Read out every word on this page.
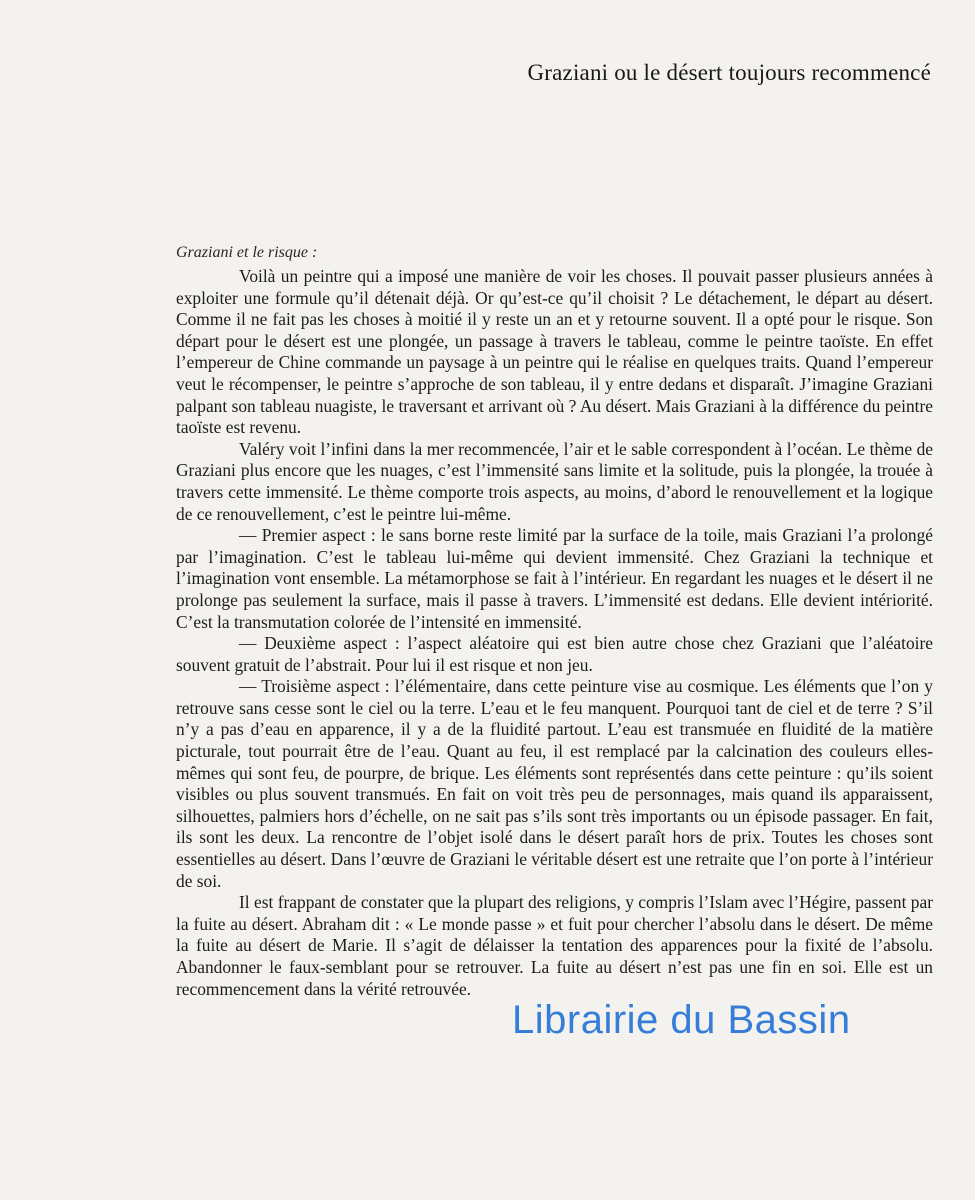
Graziani ou le désert toujours recommencé
Graziani et le risque :

Voilà un peintre qui a imposé une manière de voir les choses. Il pouvait passer plusieurs années à exploiter une formule qu’il détenait déjà. Or qu’est-ce qu’il choisit ? Le détachement, le départ au désert. Comme il ne fait pas les choses à moitié il y reste un an et y retourne souvent. Il a opté pour le risque. Son départ pour le désert est une plongée, un passage à travers le tableau, comme le peintre taoïste. En effet l’empereur de Chine commande un paysage à un peintre qui le réalise en quelques traits. Quand l’empereur veut le récompenser, le peintre s’approche de son tableau, il y entre dedans et disparaît. J’imagine Graziani palpant son tableau nuagiste, le traversant et arrivant où ? Au désert. Mais Graziani à la différence du peintre taoïste est revenu.

Valéry voit l’infini dans la mer recommencée, l’air et le sable correspondent à l’océan. Le thème de Graziani plus encore que les nuages, c’est l’immensité sans limite et la solitude, puis la plongée, la trouée à travers cette immensité. Le thème comporte trois aspects, au moins, d’abord le renouvellement et la logique de ce renouvellement, c’est le peintre lui-même.

— Premier aspect : le sans borne reste limité par la surface de la toile, mais Graziani l’a prolongé par l’imagination. C’est le tableau lui-même qui devient immensité. Chez Graziani la technique et l’imagination vont ensemble. La métamorphose se fait à l’intérieur. En regardant les nuages et le désert il ne prolonge pas seulement la surface, mais il passe à travers. L’immensité est dedans. Elle devient intériorité. C’est la transmutation colorée de l’intensité en immensité.

— Deuxième aspect : l’aspect aléatoire qui est bien autre chose chez Graziani que l’aléatoire souvent gratuit de l’abstrait. Pour lui il est risque et non jeu.

— Troisième aspect : l’élémentaire, dans cette peinture vise au cosmique. Les éléments que l’on y retrouve sans cesse sont le ciel ou la terre. L’eau et le feu manquent. Pourquoi tant de ciel et de terre ? S’il n’y a pas d’eau en apparence, il y a de la fluidité partout. L’eau est transmuée en fluidité de la matière picturale, tout pourrait être de l’eau. Quant au feu, il est remplacé par la calcination des couleurs elles-mêmes qui sont feu, de pourpre, de brique. Les éléments sont représentés dans cette peinture : qu’ils soient visibles ou plus souvent transmués. En fait on voit très peu de personnages, mais quand ils apparaissent, silhouettes, palmiers hors d’échelle, on ne sait pas s’ils sont très importants ou un épisode passager. En fait, ils sont les deux. La rencontre de l’objet isolé dans le désert paraît hors de prix. Toutes les choses sont essentielles au désert. Dans l’œuvre de Graziani le véritable désert est une retraite que l’on porte à l’intérieur de soi.

Il est frappant de constater que la plupart des religions, y compris l’Islam avec l’Hégire, passent par la fuite au désert. Abraham dit : « Le monde passe » et fuit pour chercher l’absolu dans le désert. De même la fuite au désert de Marie. Il s’agit de délaisser la tentation des apparences pour la fixité de l’absolu. Abandonner le faux-semblant pour se retrouver. La fuite au désert n’est pas une fin en soi. Elle est un recommencement dans la vérité retrouvée.

Librairie du Bassin
